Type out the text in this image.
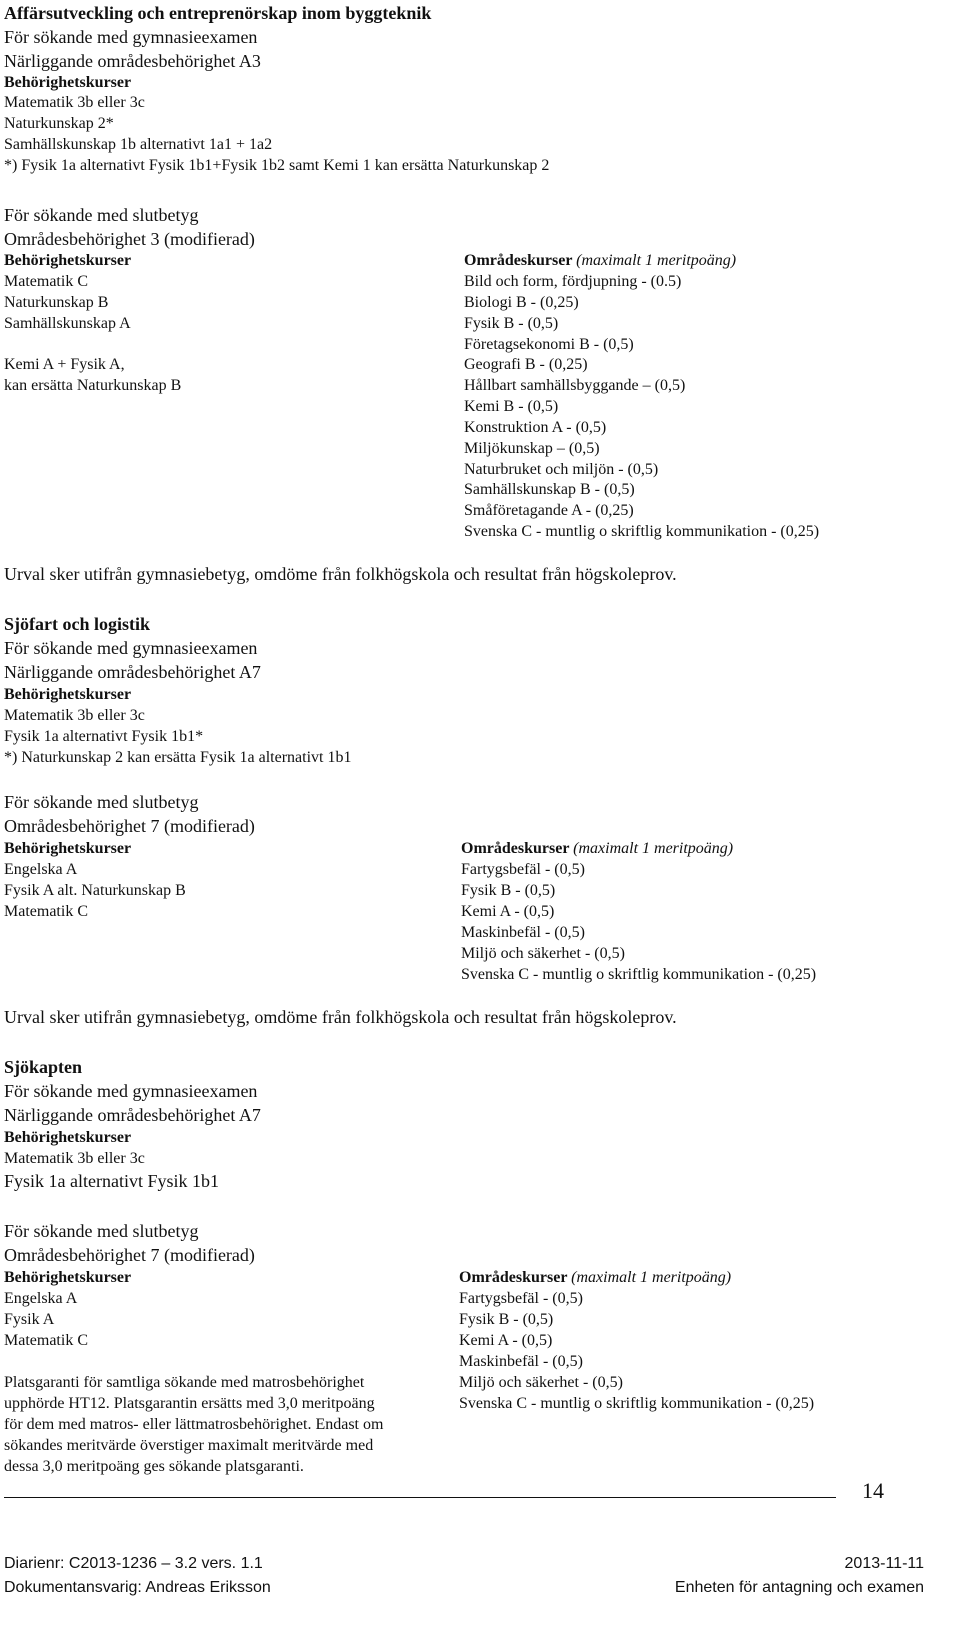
Affärsutveckling och entreprenörskap inom byggteknik
För sökande med gymnasieexamen
Närliggande områdesbehörighet A3
Behörighetskurser
Matematik 3b eller 3c
Naturkunskap 2*
Samhällskunskap 1b alternativt 1a1 + 1a2
*) Fysik 1a alternativt Fysik 1b1+Fysik 1b2 samt Kemi 1 kan ersätta Naturkunskap 2
För sökande med slutbetyg
Områdesbehörighet 3 (modifierad)
Behörighetskurser
Matematik C
Naturkunskap B
Samhällskunskap A
Kemi A + Fysik A,
kan ersätta Naturkunskap B
Områdeskurser (maximalt 1 meritpoäng)
Bild och form, fördjupning - (0.5)
Biologi B - (0,25)
Fysik B - (0,5)
Företagsekonomi B - (0,5)
Geografi B - (0,25)
Hållbart samhällsbyggande – (0,5)
Kemi B - (0,5)
Konstruktion A - (0,5)
Miljökunskap – (0,5)
Naturbruket och miljön - (0,5)
Samhällskunskap B - (0,5)
Småföretagande A - (0,25)
Svenska C - muntlig o skriftlig kommunikation - (0,25)
Urval sker utifrån gymnasiebetyg, omdöme från folkhögskola och resultat från högskoleprov.
Sjöfart och logistik
För sökande med gymnasieexamen
Närliggande områdesbehörighet A7
Behörighetskurser
Matematik 3b eller 3c
Fysik 1a alternativt Fysik 1b1*
*) Naturkunskap 2 kan ersätta Fysik 1a alternativt 1b1
För sökande med slutbetyg
Områdesbehörighet 7 (modifierad)
Behörighetskurser
Engelska A
Fysik A alt. Naturkunskap B
Matematik C
Områdeskurser (maximalt 1 meritpoäng)
Fartygsbefäl - (0,5)
Fysik B - (0,5)
Kemi A - (0,5)
Maskinbefäl - (0,5)
Miljö och säkerhet - (0,5)
Svenska C - muntlig o skriftlig kommunikation - (0,25)
Urval sker utifrån gymnasiebetyg, omdöme från folkhögskola och resultat från högskoleprov.
Sjökapten
För sökande med gymnasieexamen
Närliggande områdesbehörighet A7
Behörighetskurser
Matematik 3b eller 3c
Fysik 1a alternativt Fysik 1b1
För sökande med slutbetyg
Områdesbehörighet 7 (modifierad)
Behörighetskurser
Engelska A
Fysik A
Matematik C
Platsgaranti för samtliga sökande med matrosbehörighet
upphörde HT12. Platsgarantin ersätts med 3,0 meritpoäng
för dem med matros- eller lättmatrosbehörighet. Endast om
sökandes meritvärde överstiger maximalt meritvärde med
dessa 3,0 meritpoäng ges sökande platsgaranti.
Områdeskurser (maximalt 1 meritpoäng)
Fartygsbefäl - (0,5)
Fysik B - (0,5)
Kemi A - (0,5)
Maskinbefäl - (0,5)
Miljö och säkerhet - (0,5)
Svenska C - muntlig o skriftlig kommunikation - (0,25)
14
Diarienr: C2013-1236 – 3.2 vers. 1.1	2013-11-11
Dokumentansvarig: Andreas Eriksson	Enheten för antagning och examen
